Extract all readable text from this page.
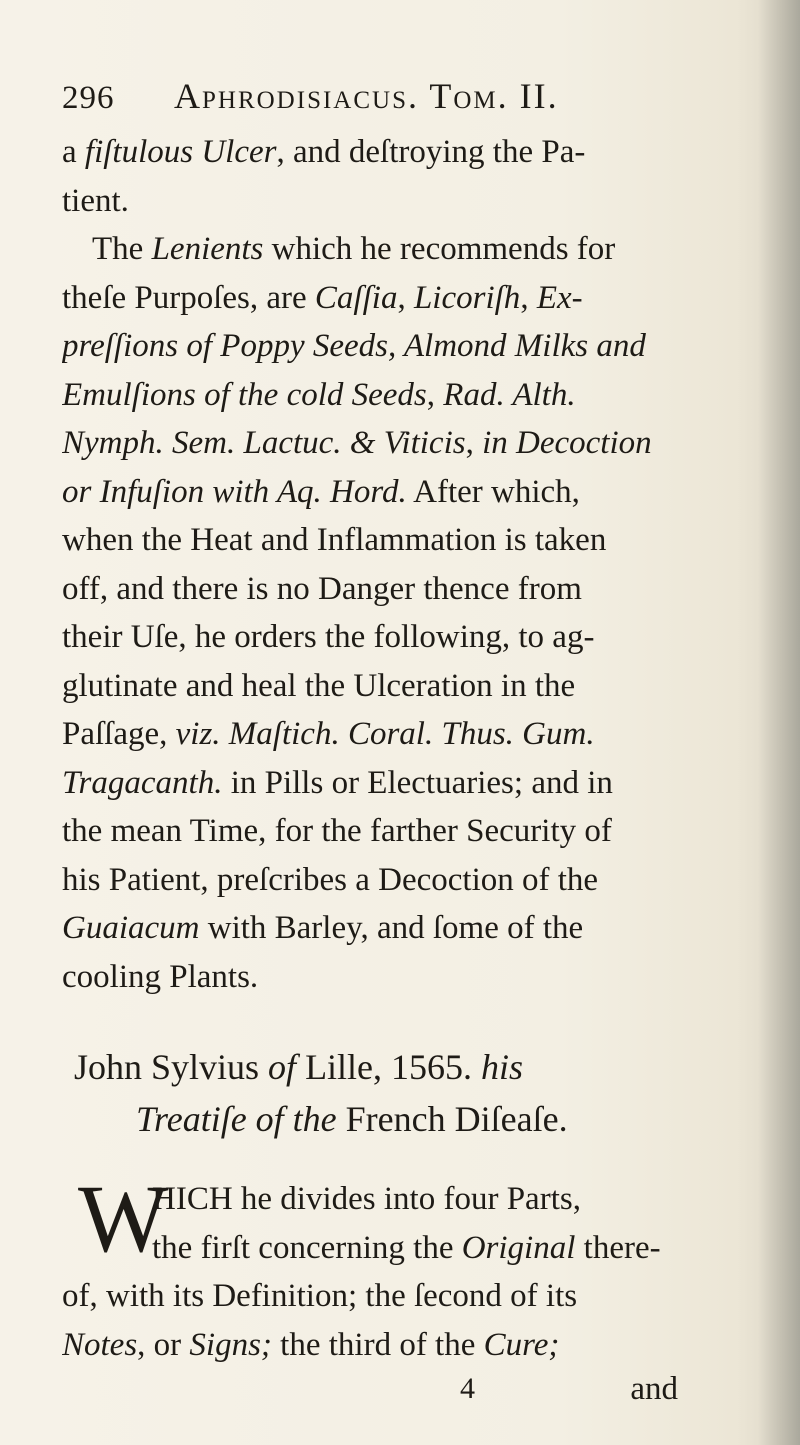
296	Aphrodisiacus. Tom. II.
a fiſtulous Ulcer, and deſtroying the Pa-
tient.
The Lenients which he recommends for
theſe Purpoſes, are Caſſia, Licoriſh, Ex-
preſſions of Poppy Seeds, Almond Milks and
Emulſions of the cold Seeds, Rad. Alth.
Nymph. Sem. Lactuc. & Viticis, in Decoction
or Infuſion with Aq. Hord. After which,
when the Heat and Inflammation is taken
off, and there is no Danger thence from
their Uſe, he orders the following, to ag-
glutinate and heal the Ulceration in the
Paſſage, viz. Maſtich. Coral. Thus. Gum.
Tragacanth. in Pills or Electuaries; and in
the mean Time, for the farther Security of
his Patient, preſcribes a Decoction of the
Guaiacum with Barley, and ſome of the
cooling Plants.
John Sylvius of Lille, 1565. his
Treatiſe of the French Diſeaſe.
W
HICH he divides into four Parts,
the firſt concerning the Original there-
of, with its Definition; the ſecond of its
Notes, or Signs; the third of the Cure;
4	and
